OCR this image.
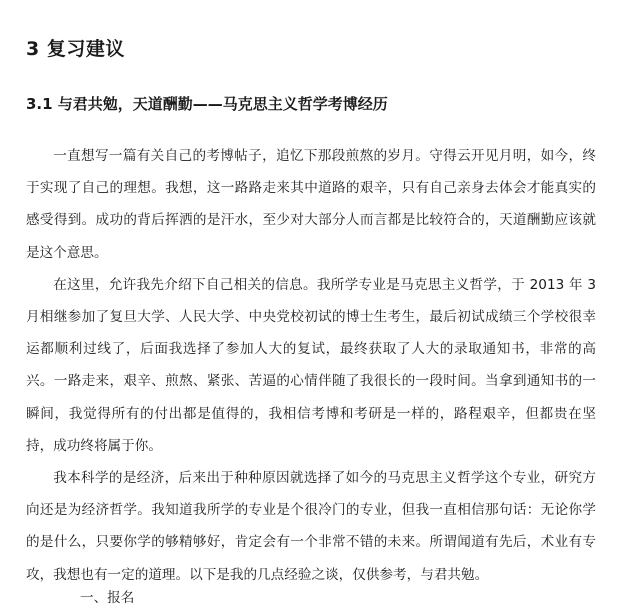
3 复习建议
3.1 与君共勉，天道酬勤——马克思主义哲学考博经历

一直想写一篇有关自己的考博帖子，追忆下那段煎熬的岁月。守得云开见月明，如今，终于实现了自己的理想。我想，这一路路走来其中道路的艰辛，只有自己亲身去体会才能真实的感受得到。成功的背后挥洒的是汗水，至少对大部分人而言都是比较符合的，天道酬勤应该就是这个意思。

在这里，允许我先介绍下自己相关的信息。我所学专业是马克思主义哲学，于 2013 年 3 月相继参加了复旦大学、人民大学、中央党校初试的博士生考生，最后初试成绩三个学校很幸运都顺利过线了，后面我选择了参加人大的复试，最终获取了人大的录取通知书，非常的高兴。一路走来，艰辛、煎熬、紧张、苦逼的心情伴随了我很长的一段时间。当拿到通知书的一瞬间，我觉得所有的付出都是值得的，我相信考博和考研是一样的，路程艰辛，但都贵在坚持，成功终将属于你。

我本科学的是经济，后来出于种种原因就选择了如今的马克思主义哲学这个专业，研究方向还是为经济哲学。我知道我所学的专业是个很冷门的专业，但我一直相信那句话：无论你学的是什么，只要你学的够精够好，肯定会有一个非常不错的未来。所谓闻道有先后，术业有专攻，我想也有一定的道理。以下是我的几点经验之谈，仅供参考，与君共勉。

一、报名
